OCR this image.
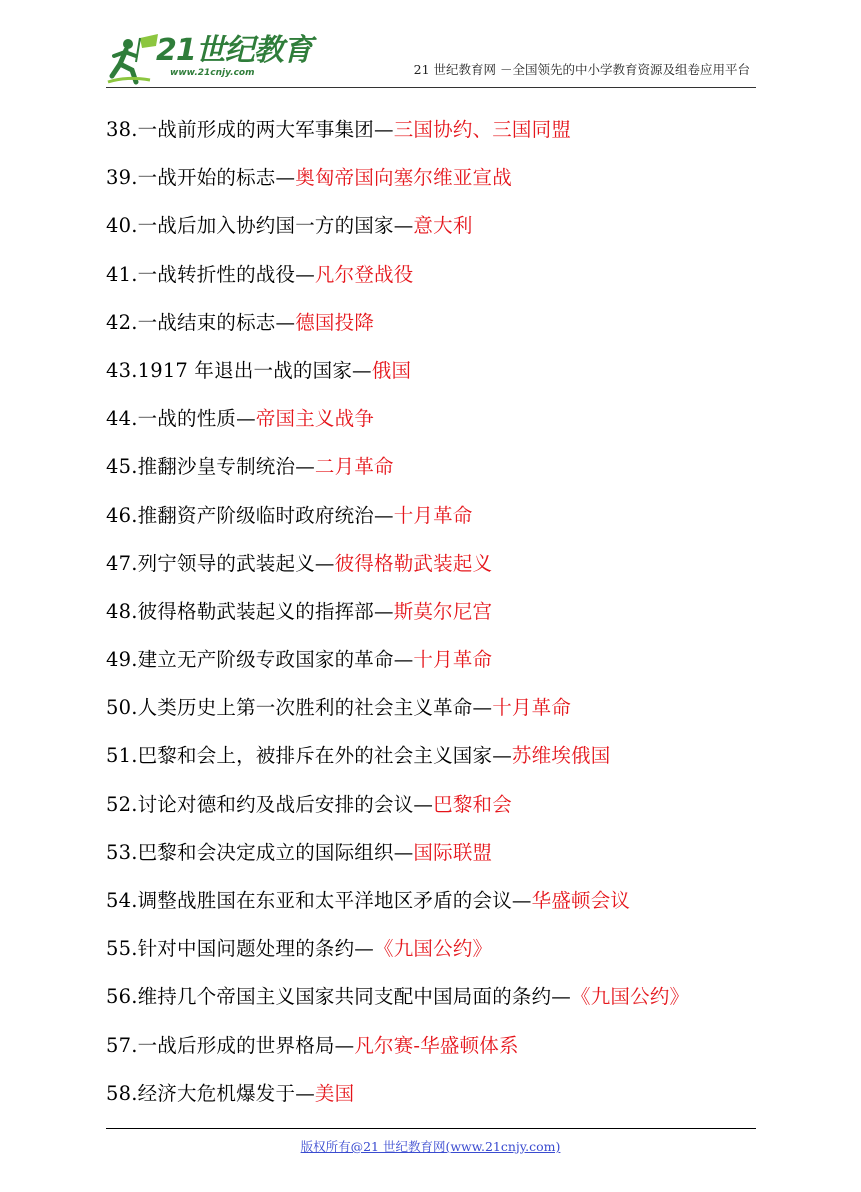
21世纪教育
www.21cnjy.com	21 世纪教育网 －全国领先的中小学教育资源及组卷应用平台
38.一战前形成的两大军事集团—三国协约、三国同盟
39.一战开始的标志—奥匈帝国向塞尔维亚宣战
40.一战后加入协约国一方的国家—意大利
41.一战转折性的战役—凡尔登战役
42.一战结束的标志—德国投降
43.1917 年退出一战的国家—俄国
44.一战的性质—帝国主义战争
45.推翻沙皇专制统治—二月革命
46.推翻资产阶级临时政府统治—十月革命
47.列宁领导的武装起义—彼得格勒武装起义
48.彼得格勒武装起义的指挥部—斯莫尔尼宫
49.建立无产阶级专政国家的革命—十月革命
50.人类历史上第一次胜利的社会主义革命—十月革命
51.巴黎和会上，被排斥在外的社会主义国家—苏维埃俄国
52.讨论对德和约及战后安排的会议—巴黎和会
53.巴黎和会决定成立的国际组织—国际联盟
54.调整战胜国在东亚和太平洋地区矛盾的会议—华盛顿会议
55.针对中国问题处理的条约—《九国公约》
56.维持几个帝国主义国家共同支配中国局面的条约—《九国公约》
57.一战后形成的世界格局—凡尔赛-华盛顿体系
58.经济大危机爆发于—美国
版权所有@21 世纪教育网(www.21cnjy.com)
